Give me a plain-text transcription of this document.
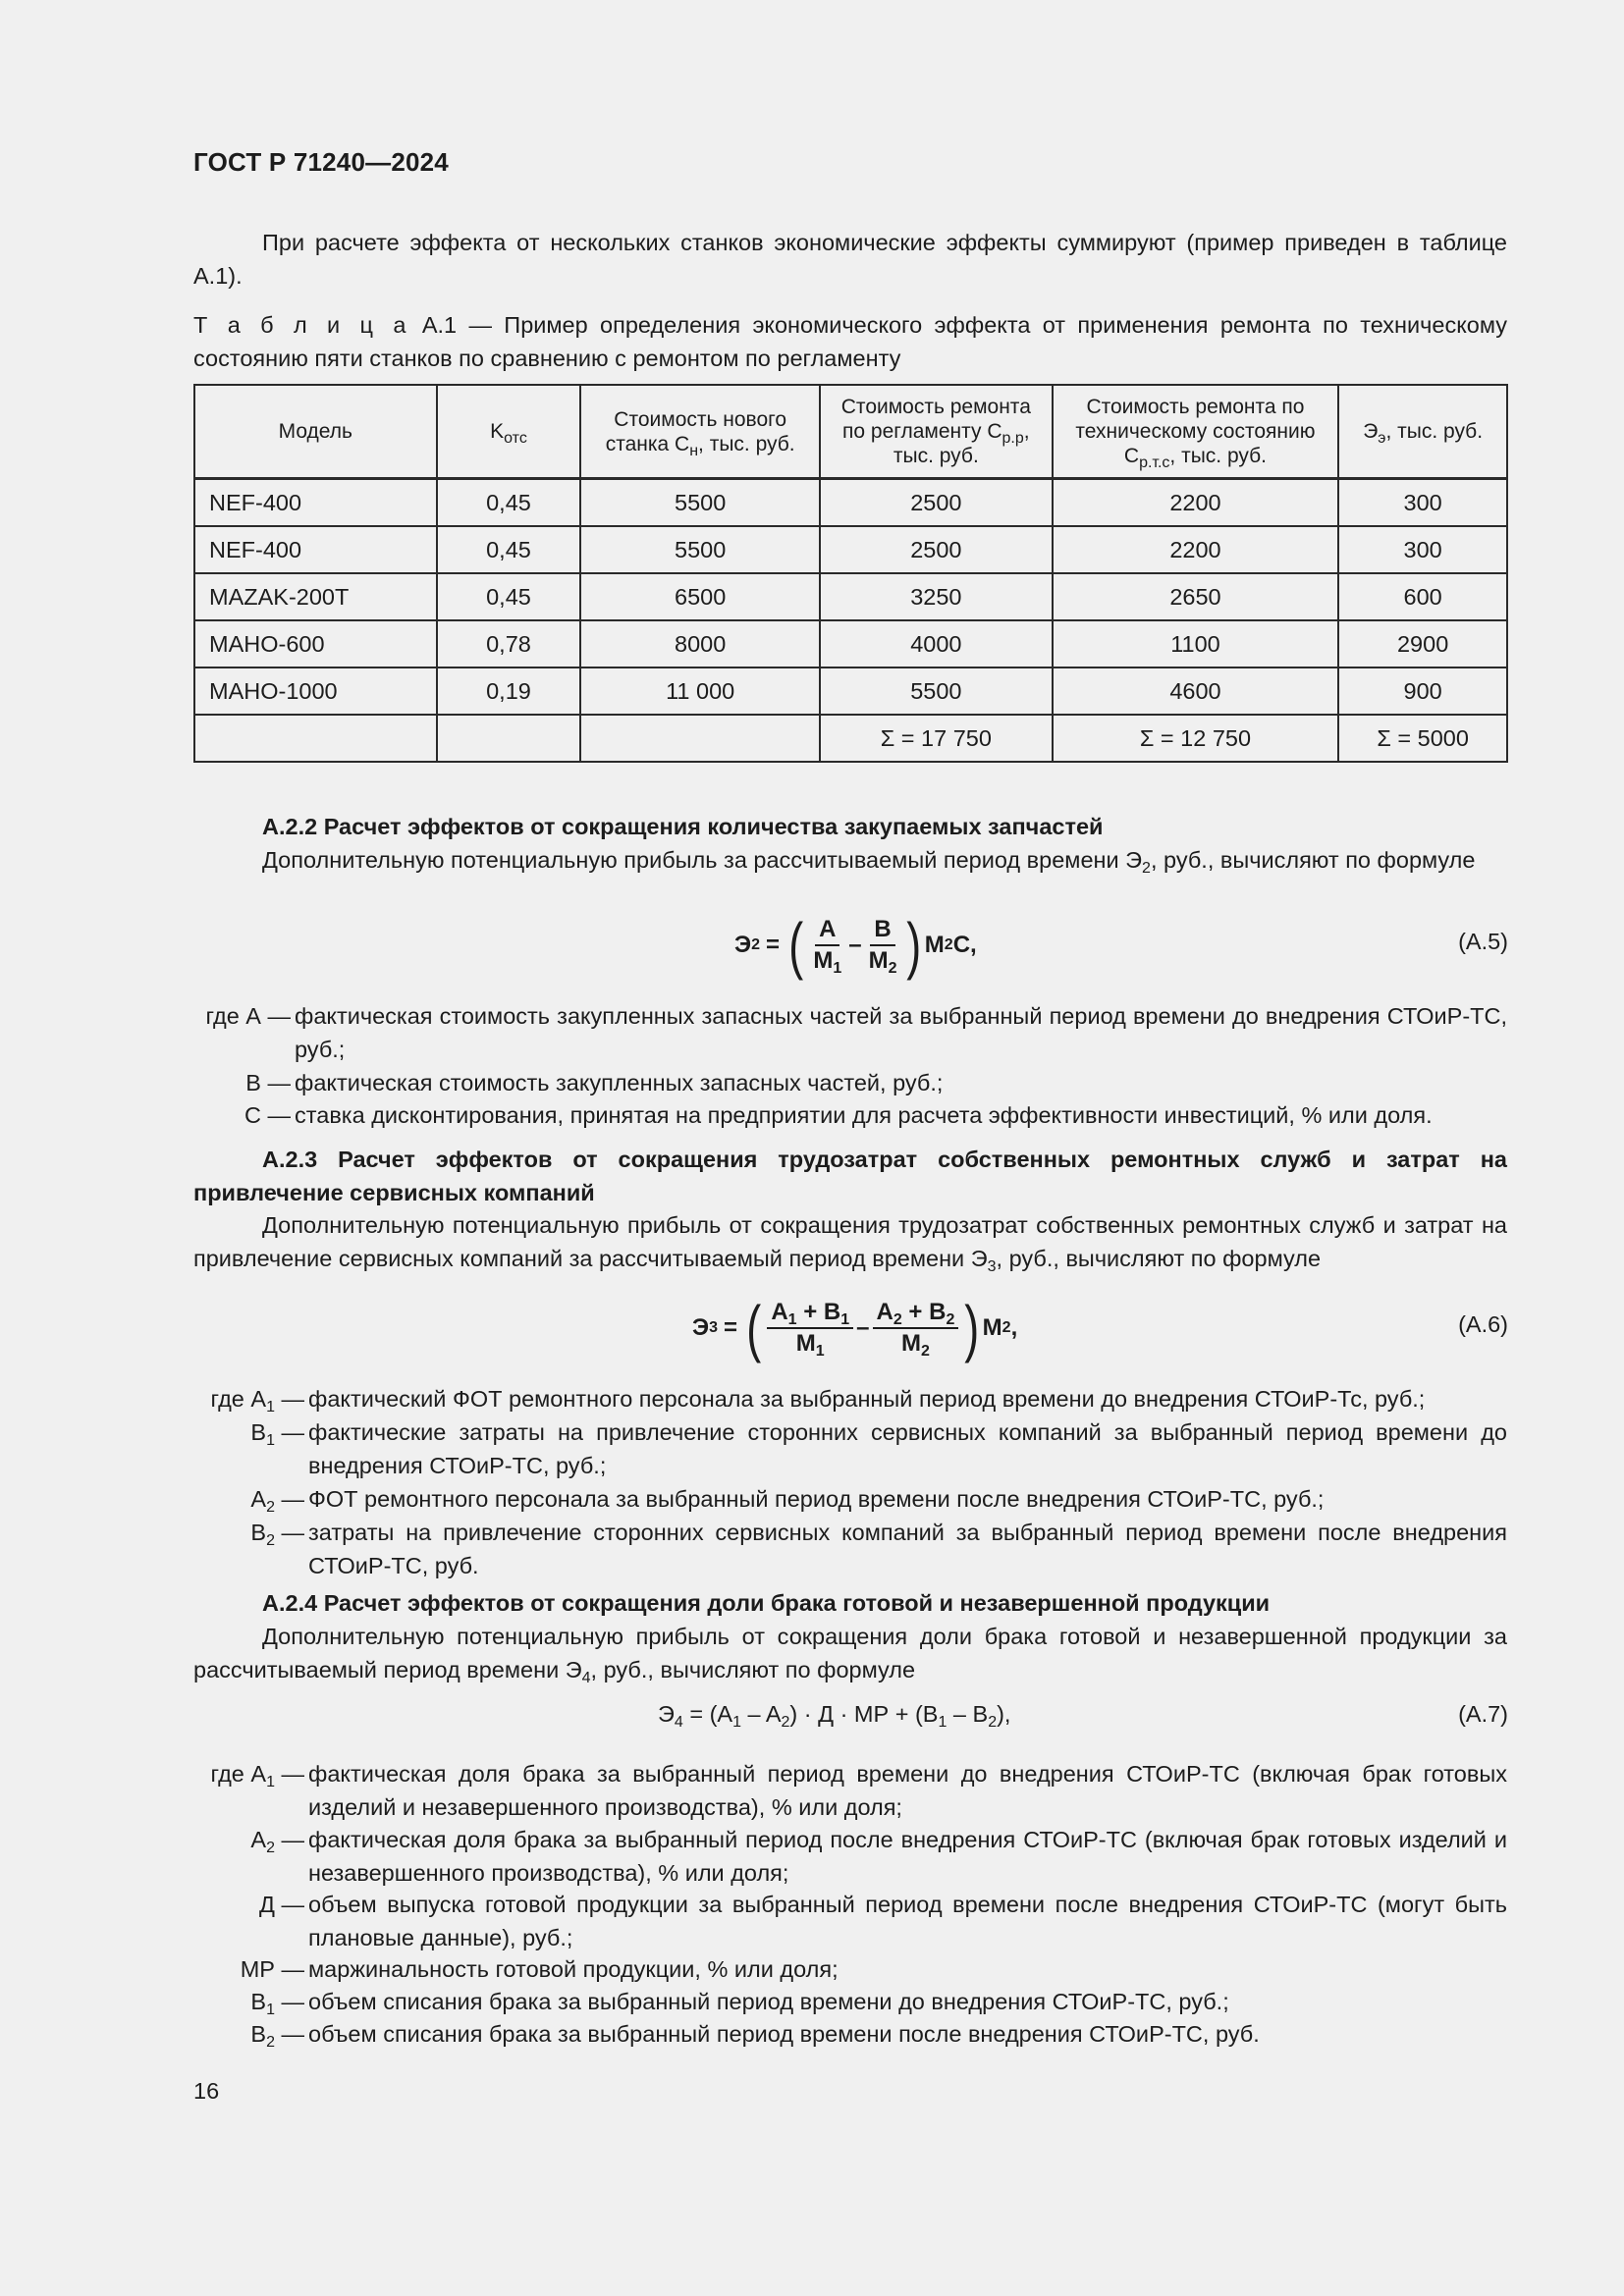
ГОСТ Р 71240—2024
При расчете эффекта от нескольких станков экономические эффекты суммируют (пример приведен в таблице А.1).
Т а б л и ц а А.1 — Пример определения экономического эффекта от применения ремонта по техническому состоянию пяти станков по сравнению с ремонтом по регламенту
Модель	$K_{отс}$	Стоимость нового станка $C_н$, тыс. руб.	Стоимость ремонта по регламенту $C_{р.р}$, тыс. руб.	Стоимость ремонта по техническому состоянию $C_{р.т.с}$, тыс. руб.	$Э_э$, тыс. руб.
NEF-400	0,45	5500	2500	2200	300
NEF-400	0,45	5500	2500	2200	300
MAZAK-200T	0,45	6500	3250	2650	600
MAHO-600	0,78	8000	4000	1100	2900
MAHO-1000	0,19	11 000	5500	4600	900
			Σ = 17 750	Σ = 12 750	Σ = 5000
А.2.2 Расчет эффектов от сокращения количества закупаемых запчастей
Дополнительную потенциальную прибыль за рассчитываемый период времени $Э_2$, руб., вычисляют по формуле
Э 2 = ( $\frac{A}{M_1} - \frac{B}{M_2}$ ) M 2 C,	(А.5)
где А — фактическая стоимость закупленных запасных частей за выбранный период времени до внедрения СТОиР-ТС, руб.;
В — фактическая стоимость закупленных запасных частей, руб.;
С — ставка дисконтирования, принятая на предприятии для расчета эффективности инвестиций, % или доля.
А.2.3 Расчет эффектов от сокращения трудозатрат собственных ремонтных служб и затрат на привлечение сервисных компаний
Дополнительную потенциальную прибыль от сокращения трудозатрат собственных ремонтных служб и затрат на привлечение сервисных компаний за рассчитываемый период времени $Э_3$, руб., вычисляют по формуле
Э 3 = ( $\frac{A_1 + B_1}{M_1} - \frac{A_2 + B_2}{M_2}$ ) M 2 ,	(А.6)
где $A_1$ — фактический ФОТ ремонтного персонала за выбранный период времени до внедрения СТОиР-Тс, руб.;
$B_1$ — фактические затраты на привлечение сторонних сервисных компаний за выбранный период времени до внедрения СТОиР-ТС, руб.;
$A_2$ — ФОТ ремонтного персонала за выбранный период времени после внедрения СТОиР-ТС, руб.;
$B_2$ — затраты на привлечение сторонних сервисных компаний за выбранный период времени после внедрения СТОиР-ТС, руб.
А.2.4 Расчет эффектов от сокращения доли брака готовой и незавершенной продукции
Дополнительную потенциальную прибыль от сокращения доли брака готовой и незавершенной продукции за рассчитываемый период времени $Э_4$, руб., вычисляют по формуле
$Э_4 = (A_1 - A_2) \cdot Д$ · МР + $(B_1 - B_2)$,	(А.7)
где $A_1$ — фактическая доля брака за выбранный период времени до внедрения СТОиР-ТС (включая брак готовых изделий и незавершенного производства), % или доля;
$A_2$ — фактическая доля брака за выбранный период после внедрения СТОиР-ТС (включая брак готовых изделий и незавершенного производства), % или доля;
Д — объем выпуска готовой продукции за выбранный период времени после внедрения СТОиР-ТС (могут быть плановые данные), руб.;
МР — маржинальность готовой продукции, % или доля;
$B_1$ — объем списания брака за выбранный период времени до внедрения СТОиР-ТС, руб.;
$B_2$ — объем списания брака за выбранный период времени после внедрения СТОиР-ТС, руб.
16
